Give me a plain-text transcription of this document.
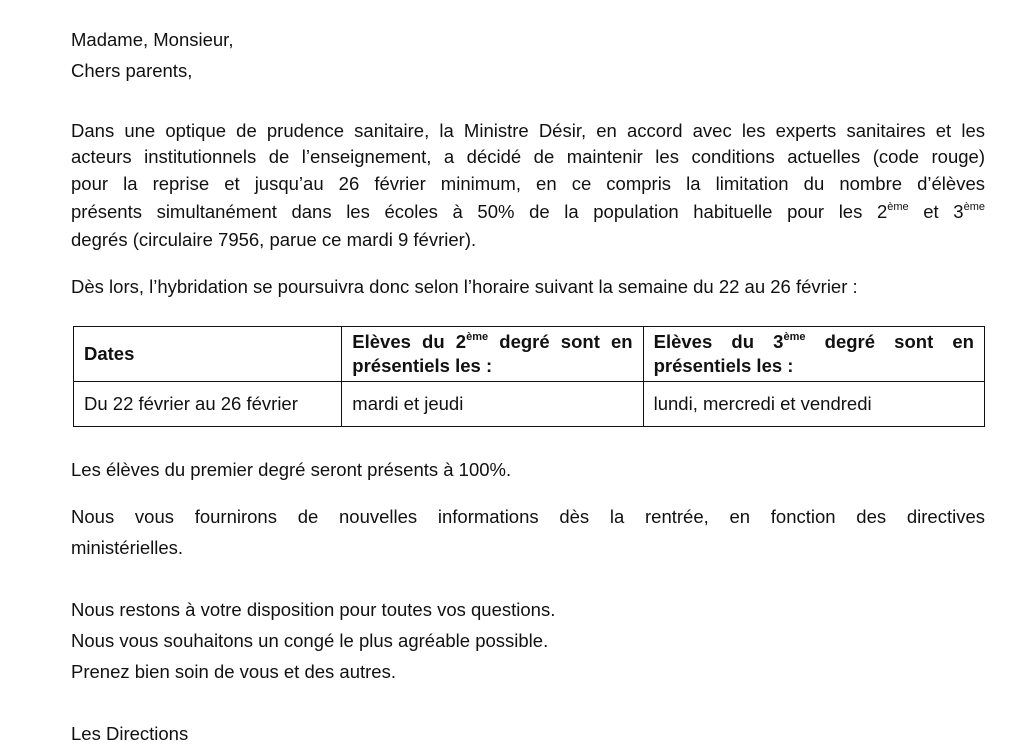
Madame, Monsieur,

Chers parents,

Dans une optique de prudence sanitaire, la Ministre Désir, en accord avec les experts sanitaires et les

acteurs institutionnels de l’enseignement, a décidé de maintenir les conditions actuelles (code rouge)

pour la reprise et jusqu’au 26 février minimum, en ce compris la limitation du nombre d’élèves

présents simultanément dans les écoles à 50% de la population habituelle pour les 2ème et 3ème

degrés (circulaire 7956, parue ce mardi 9 février).

Dès lors, l’hybridation se poursuivra donc selon l’horaire suivant la semaine du 22 au 26 février :

Dates	Elèves du 2ème degré sont en
présentiels les :	Elèves du 3ème degré sont en
présentiels les :
Du 22 février au 26 février	mardi et jeudi	lundi, mercredi et vendredi

Les élèves du premier degré seront présents à 100%.

Nous vous fournirons de nouvelles informations dès la rentrée, en fonction des directives

ministérielles.

Nous restons à votre disposition pour toutes vos questions.

Nous vous souhaitons un congé le plus agréable possible.

Prenez bien soin de vous et des autres.

Les Directions
